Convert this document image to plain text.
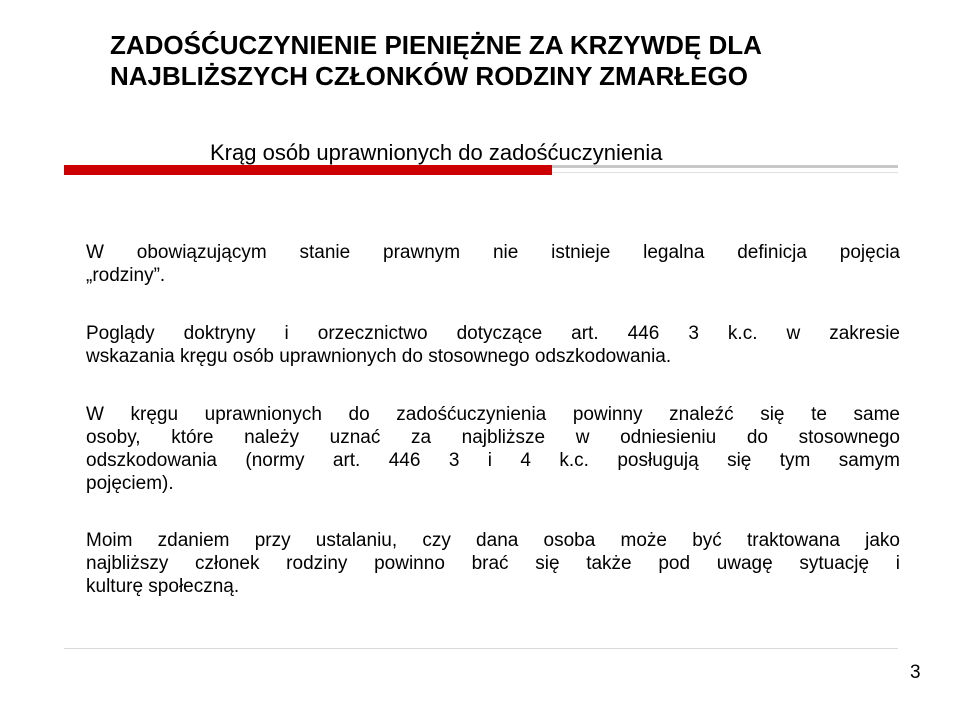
ZADOŚĆUCZYNIENIE PIENIĘŻNE ZA KRZYWDĘ DLA
NAJBLIŻSZYCH CZŁONKÓW RODZINY ZMARŁEGO
Krąg osób uprawnionych do zadośćuczynienia

W obowiązującym stanie prawnym nie istnieje legalna definicja pojęcia
„rodziny”.

Poglądy doktryny i orzecznictwo dotyczące art. 446 3 k.c. w zakresie
wskazania kręgu osób uprawnionych do stosownego odszkodowania.

W kręgu uprawnionych do zadośćuczynienia powinny znaleźć się te same
osoby, które należy uznać za najbliższe w odniesieniu do stosownego
odszkodowania (normy art. 446 3 i 4 k.c. posługują się tym samym
pojęciem).

Moim zdaniem przy ustalaniu, czy dana osoba może być traktowana jako
najbliższy członek rodziny powinno brać się także pod uwagę sytuację i
kulturę społeczną.

3
